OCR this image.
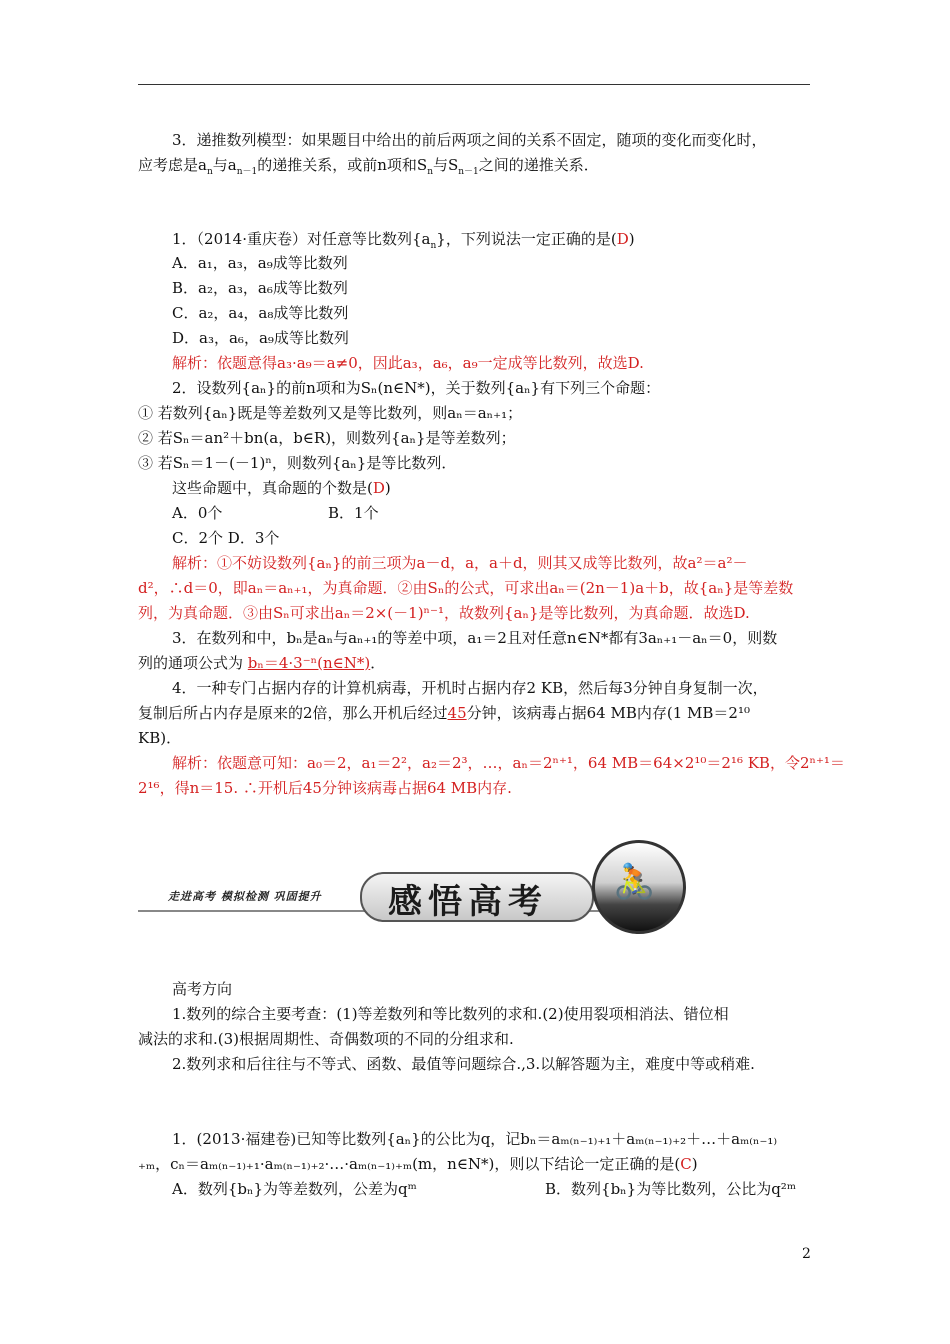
3．递推数列模型：如果题目中给出的前后两项之间的关系不固定，随项的变化而变化时，
应考虑是$a_n$与$a_{n-1}$的递推关系，或前n项和$S_n$与$S_{n-1}$之间的递推关系．
1．（2014·重庆卷）对任意等比数列$\{a_n\}$，下列说法一定正确的是(D)
A．a₁，a₃，a₉成等比数列
B．a₂，a₃，a₆成等比数列
C．a₂，a₄，a₈成等比数列
D．a₃，a₆，a₉成等比数列
解析：依题意得a₃·a₉＝a≠0，因此a₃，a₆，a₉一定成等比数列，故选D.
2．设数列{aₙ}的前n项和为Sₙ(n∈N*)，关于数列{aₙ}有下列三个命题：
① 若数列{aₙ}既是等差数列又是等比数列，则aₙ＝aₙ₊₁；
② 若Sₙ＝an²＋bn(a，b∈R)，则数列{aₙ}是等差数列；
③ 若Sₙ＝1－(－1)ⁿ，则数列{aₙ}是等比数列．
这些命题中，真命题的个数是(D)
A．0个	B．1个
C．2个 D．3个
解析：①不妨设数列{aₙ}的前三项为a－d，a，a＋d，则其又成等比数列，故a²＝a²－
d²，∴d＝0，即aₙ＝aₙ₊₁，为真命题．②由Sₙ的公式，可求出aₙ＝(2n－1)a＋b，故{aₙ}是等差数
列，为真命题．③由Sₙ可求出aₙ＝2×(－1)ⁿ⁻¹，故数列{aₙ}是等比数列，为真命题．故选D.
3．在数列和中，bₙ是aₙ与aₙ₊₁的等差中项，a₁＝2且对任意n∈N*都有3aₙ₊₁－aₙ＝0，则数
列的通项公式为 bₙ＝4·3⁻ⁿ(n∈N*)．
4．一种专门占据内存的计算机病毒，开机时占据内存2 KB，然后每3分钟自身复制一次，
复制后所占内存是原来的2倍，那么开机后经过45分钟，该病毒占据64 MB内存(1 MB＝2¹⁰
KB)．
解析：依题意可知：a₀＝2，a₁＝2²，a₂＝2³，…，aₙ＝2ⁿ⁺¹，64 MB＝64×2¹⁰＝2¹⁶ KB，令2ⁿ⁺¹＝
2¹⁶，得n＝15. ∴开机后45分钟该病毒占据64 MB内存.
走进高考 模拟检测 巩固提升 感悟高考 🚴
高考方向
1.数列的综合主要考查：(1)等差数列和等比数列的求和.(2)使用裂项相消法、错位相
减法的求和.(3)根据周期性、奇偶数项的不同的分组求和.
2.数列求和后往往与不等式、函数、最值等问题综合.,3.以解答题为主，难度中等或稍难.
1．(2013·福建卷)已知等比数列{aₙ}的公比为q，记bₙ＝aₘ₍ₙ₋₁₎₊₁＋aₘ₍ₙ₋₁₎₊₂＋…＋aₘ₍ₙ₋₁₎
₊ₘ，cₙ＝aₘ₍ₙ₋₁₎₊₁·aₘ₍ₙ₋₁₎₊₂·…·aₘ₍ₙ₋₁₎₊ₘ(m，n∈N*)，则以下结论一定正确的是(C)
A．数列{bₙ}为等差数列，公差为qᵐ	B．数列{bₙ}为等比数列，公比为q²ᵐ
2
